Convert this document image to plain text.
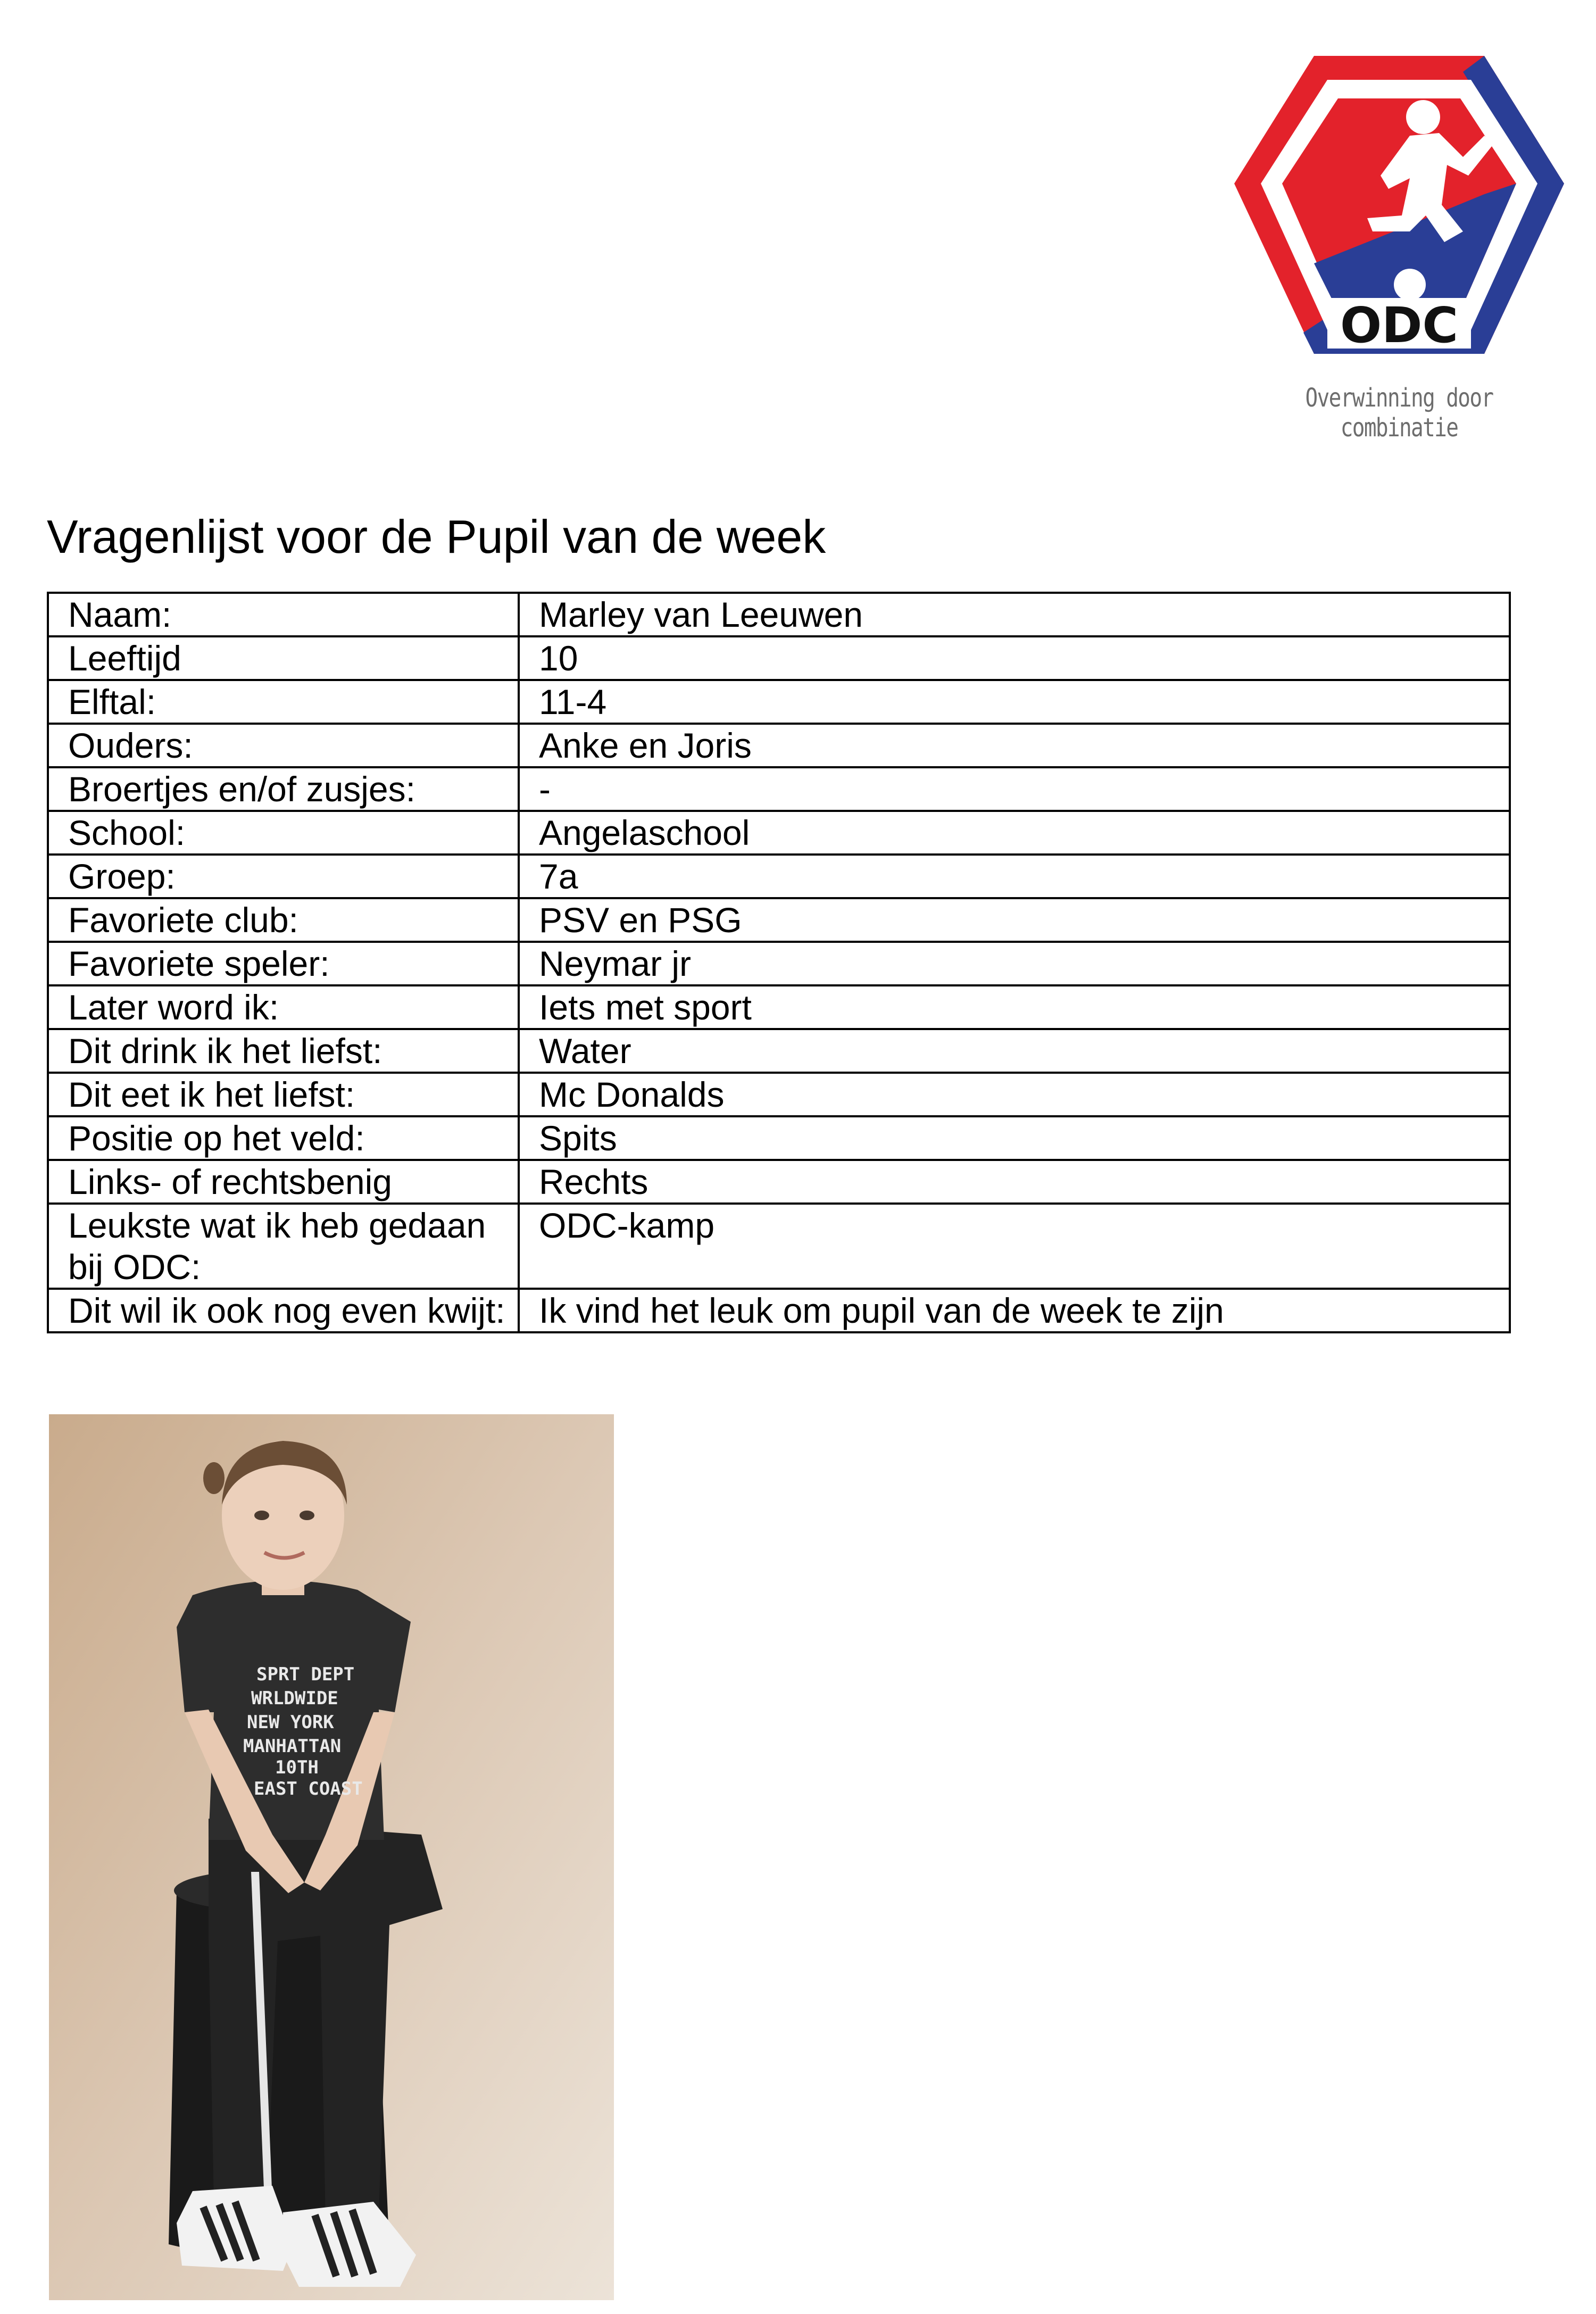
ODC
Overwinning door combinatie
Vragenlijst voor de Pupil van de week
Naam:	Marley van Leeuwen
Leeftijd	10
Elftal:	11-4
Ouders:	Anke en Joris
Broertjes en/of zusjes:	-
School:	Angelaschool
Groep:	7a
Favoriete club:	PSV en PSG
Favoriete speler:	Neymar jr
Later word ik:	Iets met sport
Dit drink ik het liefst:	Water
Dit eet ik het liefst:	Mc Donalds
Positie op het veld:	Spits
Links- of rechtsbenig	Rechts
Leukste wat ik heb gedaan bij ODC:	ODC-kamp
Dit wil ik ook nog even kwijt:	Ik vind het leuk om pupil van de week te zijn
SPRT DEPT
WRLDWIDE
NEW YORK
MANHATTAN
10TH
EAST COAST
